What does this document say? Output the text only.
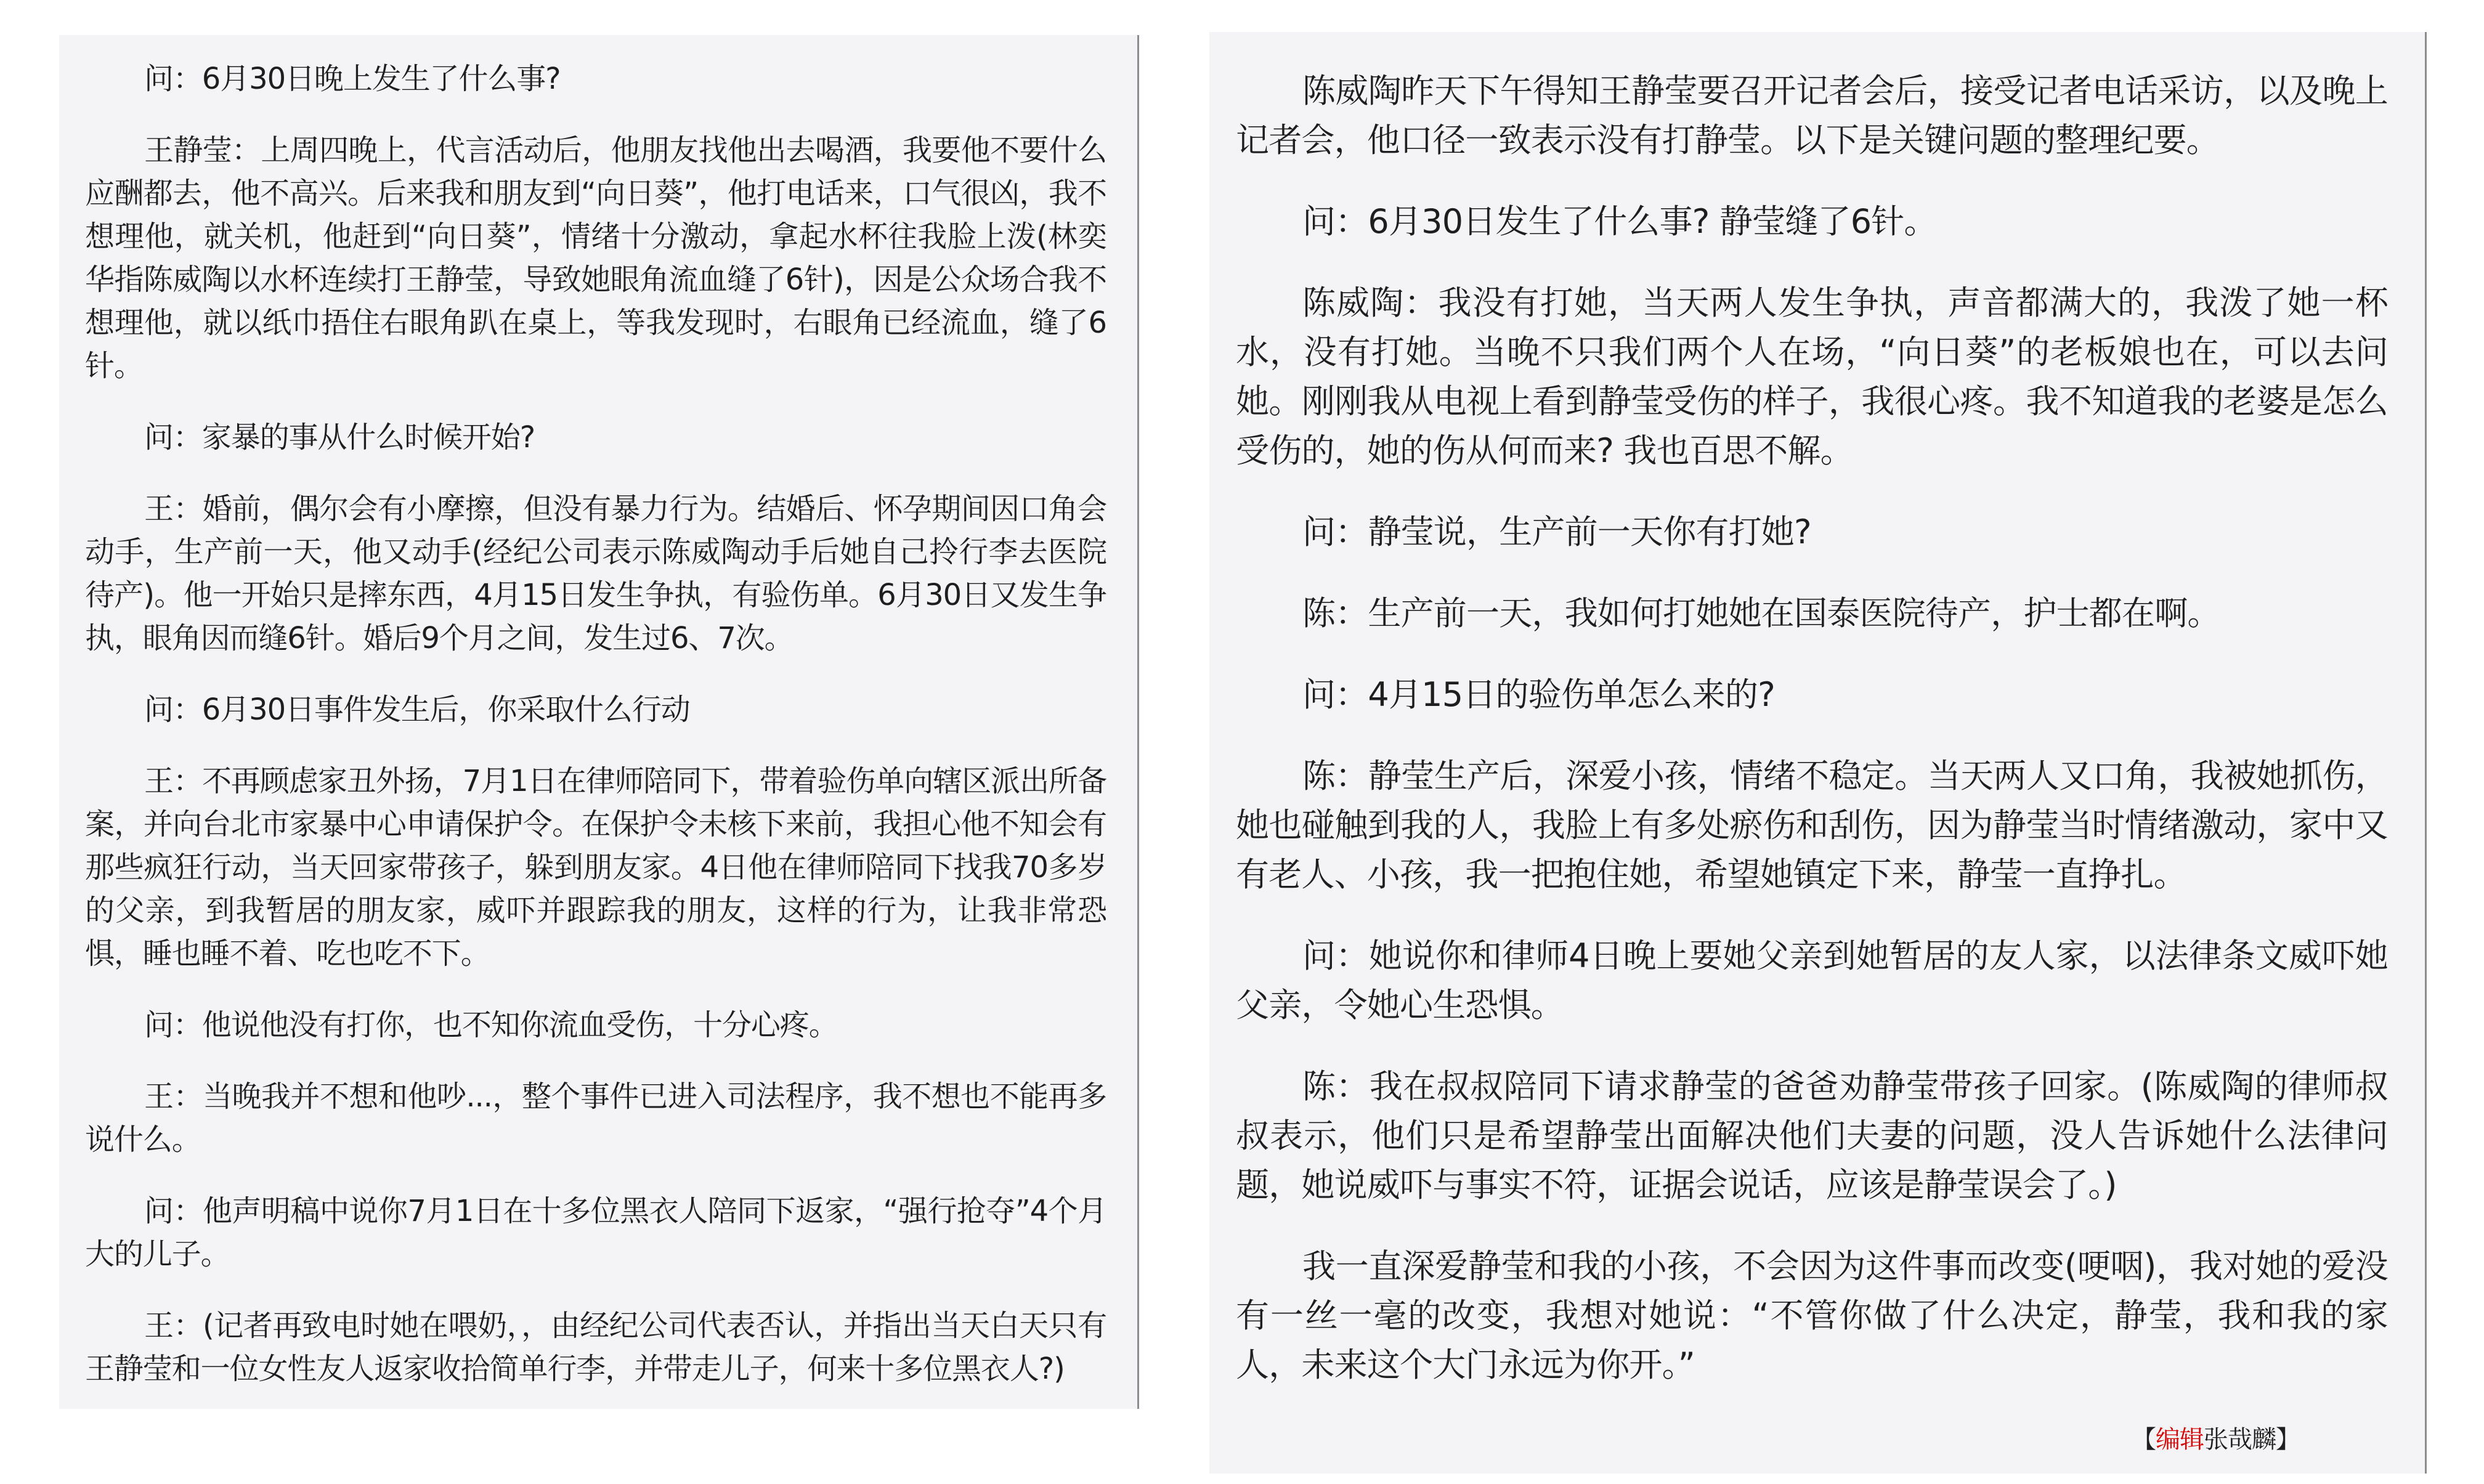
问：6月30日晚上发生了什么事?

王静莹：上周四晚上，代言活动后，他朋友找他出去喝酒，我要他不要什么应酬都去，他不高兴。后来我和朋友到“向日葵”，他打电话来，口气很凶，我不想理他，就关机，他赶到“向日葵”，情绪十分激动，拿起水杯往我脸上泼(林奕华指陈威陶以水杯连续打王静莹，导致她眼角流血缝了6针)，因是公众场合我不想理他，就以纸巾捂住右眼角趴在桌上，等我发现时，右眼角已经流血，缝了6针。

问：家暴的事从什么时候开始?

王：婚前，偶尔会有小摩擦，但没有暴力行为。结婚后、怀孕期间因口角会动手，生产前一天，他又动手(经纪公司表示陈威陶动手后她自己拎行李去医院待产)。他一开始只是摔东西，4月15日发生争执，有验伤单。6月30日又发生争执，眼角因而缝6针。婚后9个月之间，发生过6、7次。

问：6月30日事件发生后，你采取什么行动

王：不再顾虑家丑外扬，7月1日在律师陪同下，带着验伤单向辖区派出所备案，并向台北市家暴中心申请保护令。在保护令未核下来前，我担心他不知会有那些疯狂行动，当天回家带孩子，躲到朋友家。4日他在律师陪同下找我70多岁的父亲，到我暂居的朋友家，威吓并跟踪我的朋友，这样的行为，让我非常恐惧，睡也睡不着、吃也吃不下。

问：他说他没有打你，也不知你流血受伤，十分心疼。

王：当晚我并不想和他吵...，整个事件已进入司法程序，我不想也不能再多说什么。

问：他声明稿中说你7月1日在十多位黑衣人陪同下返家，“强行抢夺”4个月大的儿子。

王：(记者再致电时她在喂奶，，由经纪公司代表否认，并指出当天白天只有王静莹和一位女性友人返家收拾简单行李，并带走儿子，何来十多位黑衣人?)

陈威陶昨天下午得知王静莹要召开记者会后，接受记者电话采访，以及晚上记者会，他口径一致表示没有打静莹。以下是关键问题的整理纪要。

问：6月30日发生了什么事? 静莹缝了6针。

陈威陶：我没有打她，当天两人发生争执，声音都满大的，我泼了她一杯水，没有打她。当晚不只我们两个人在场，“向日葵”的老板娘也在，可以去问她。刚刚我从电视上看到静莹受伤的样子，我很心疼。我不知道我的老婆是怎么受伤的，她的伤从何而来? 我也百思不解。

问：静莹说，生产前一天你有打她?

陈：生产前一天，我如何打她她在国泰医院待产，护士都在啊。

问：4月15日的验伤单怎么来的?

陈：静莹生产后，深爱小孩，情绪不稳定。当天两人又口角，我被她抓伤，她也碰触到我的人，我脸上有多处瘀伤和刮伤，因为静莹当时情绪激动，家中又有老人、小孩，我一把抱住她，希望她镇定下来，静莹一直挣扎。

问：她说你和律师4日晚上要她父亲到她暂居的友人家，以法律条文威吓她父亲，令她心生恐惧。

陈：我在叔叔陪同下请求静莹的爸爸劝静莹带孩子回家。(陈威陶的律师叔叔表示，他们只是希望静莹出面解决他们夫妻的问题，没人告诉她什么法律问题，她说威吓与事实不符，证据会说话，应该是静莹误会了。)

我一直深爱静莹和我的小孩，不会因为这件事而改变(哽咽)，我对她的爱没有一丝一毫的改变，我想对她说：“不管你做了什么决定，静莹，我和我的家人，未来这个大门永远为你开。”

【编辑张哉麟】
